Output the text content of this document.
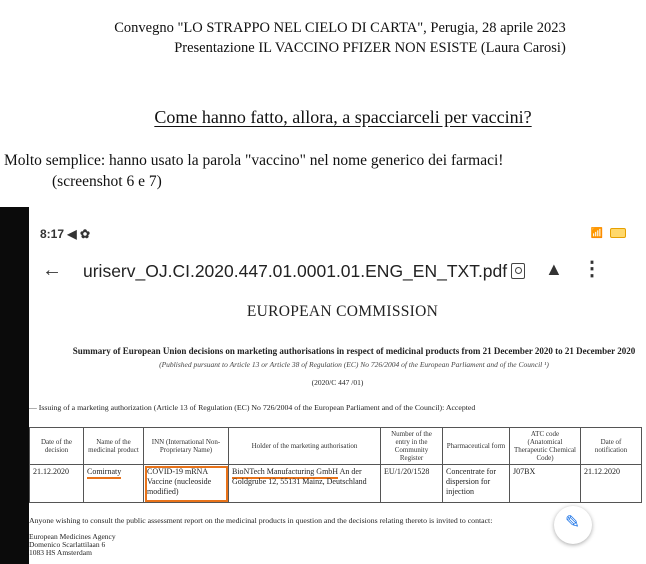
Convegno "LO STRAPPO NEL CIELO DI CARTA", Perugia, 28 aprile 2023
Presentazione IL VACCINO PFIZER NON ESISTE (Laura Carosi)
Come hanno fatto, allora, a spacciarceli per vaccini?
Molto semplice: hanno usato la parola "vaccino" nel nome generico dei farmaci!
(screenshot 6 e 7)
8:17 ◀ ✿	📶
← uriserv_OJ.CI.2020.447.01.0001.01.ENG_EN_TXT.pdf ▲ ⋮
EUROPEAN COMMISSION
Summary of European Union decisions on marketing authorisations in respect of medicinal products from 21 December 2020 to 21 December 2020
(Published pursuant to Article 13 or Article 38 of Regulation (EC) No 726/2004 of the European Parliament and of the Council ¹)
(2020/C 447 /01)
— Issuing of a marketing authorization (Article 13 of Regulation (EC) No 726/2004 of the European Parliament and of the Council): Accepted
Date of the decision	Name of the medicinal product	INN (International Non-Proprietary Name)	Holder of the marketing authorisation	Number of the entry in the Community Register	Pharmaceutical form	ATC code (Anatomical Therapeutic Chemical Code)	Date of notification
21.12.2020	Comirnaty	COVID-19 mRNA Vaccine (nucleoside modified)	BioNTech Manufacturing GmbH An der Goldgrube 12, 55131 Mainz, Deutschland	EU/1/20/1528	Concentrate for dispersion for injection	J07BX	21.12.2020
Anyone wishing to consult the public assessment report on the medicinal products in question and the decisions relating thereto is invited to contact:
European Medicines Agency
Domenico Scarlattilaan 6
1083 HS Amsterdam
✎
